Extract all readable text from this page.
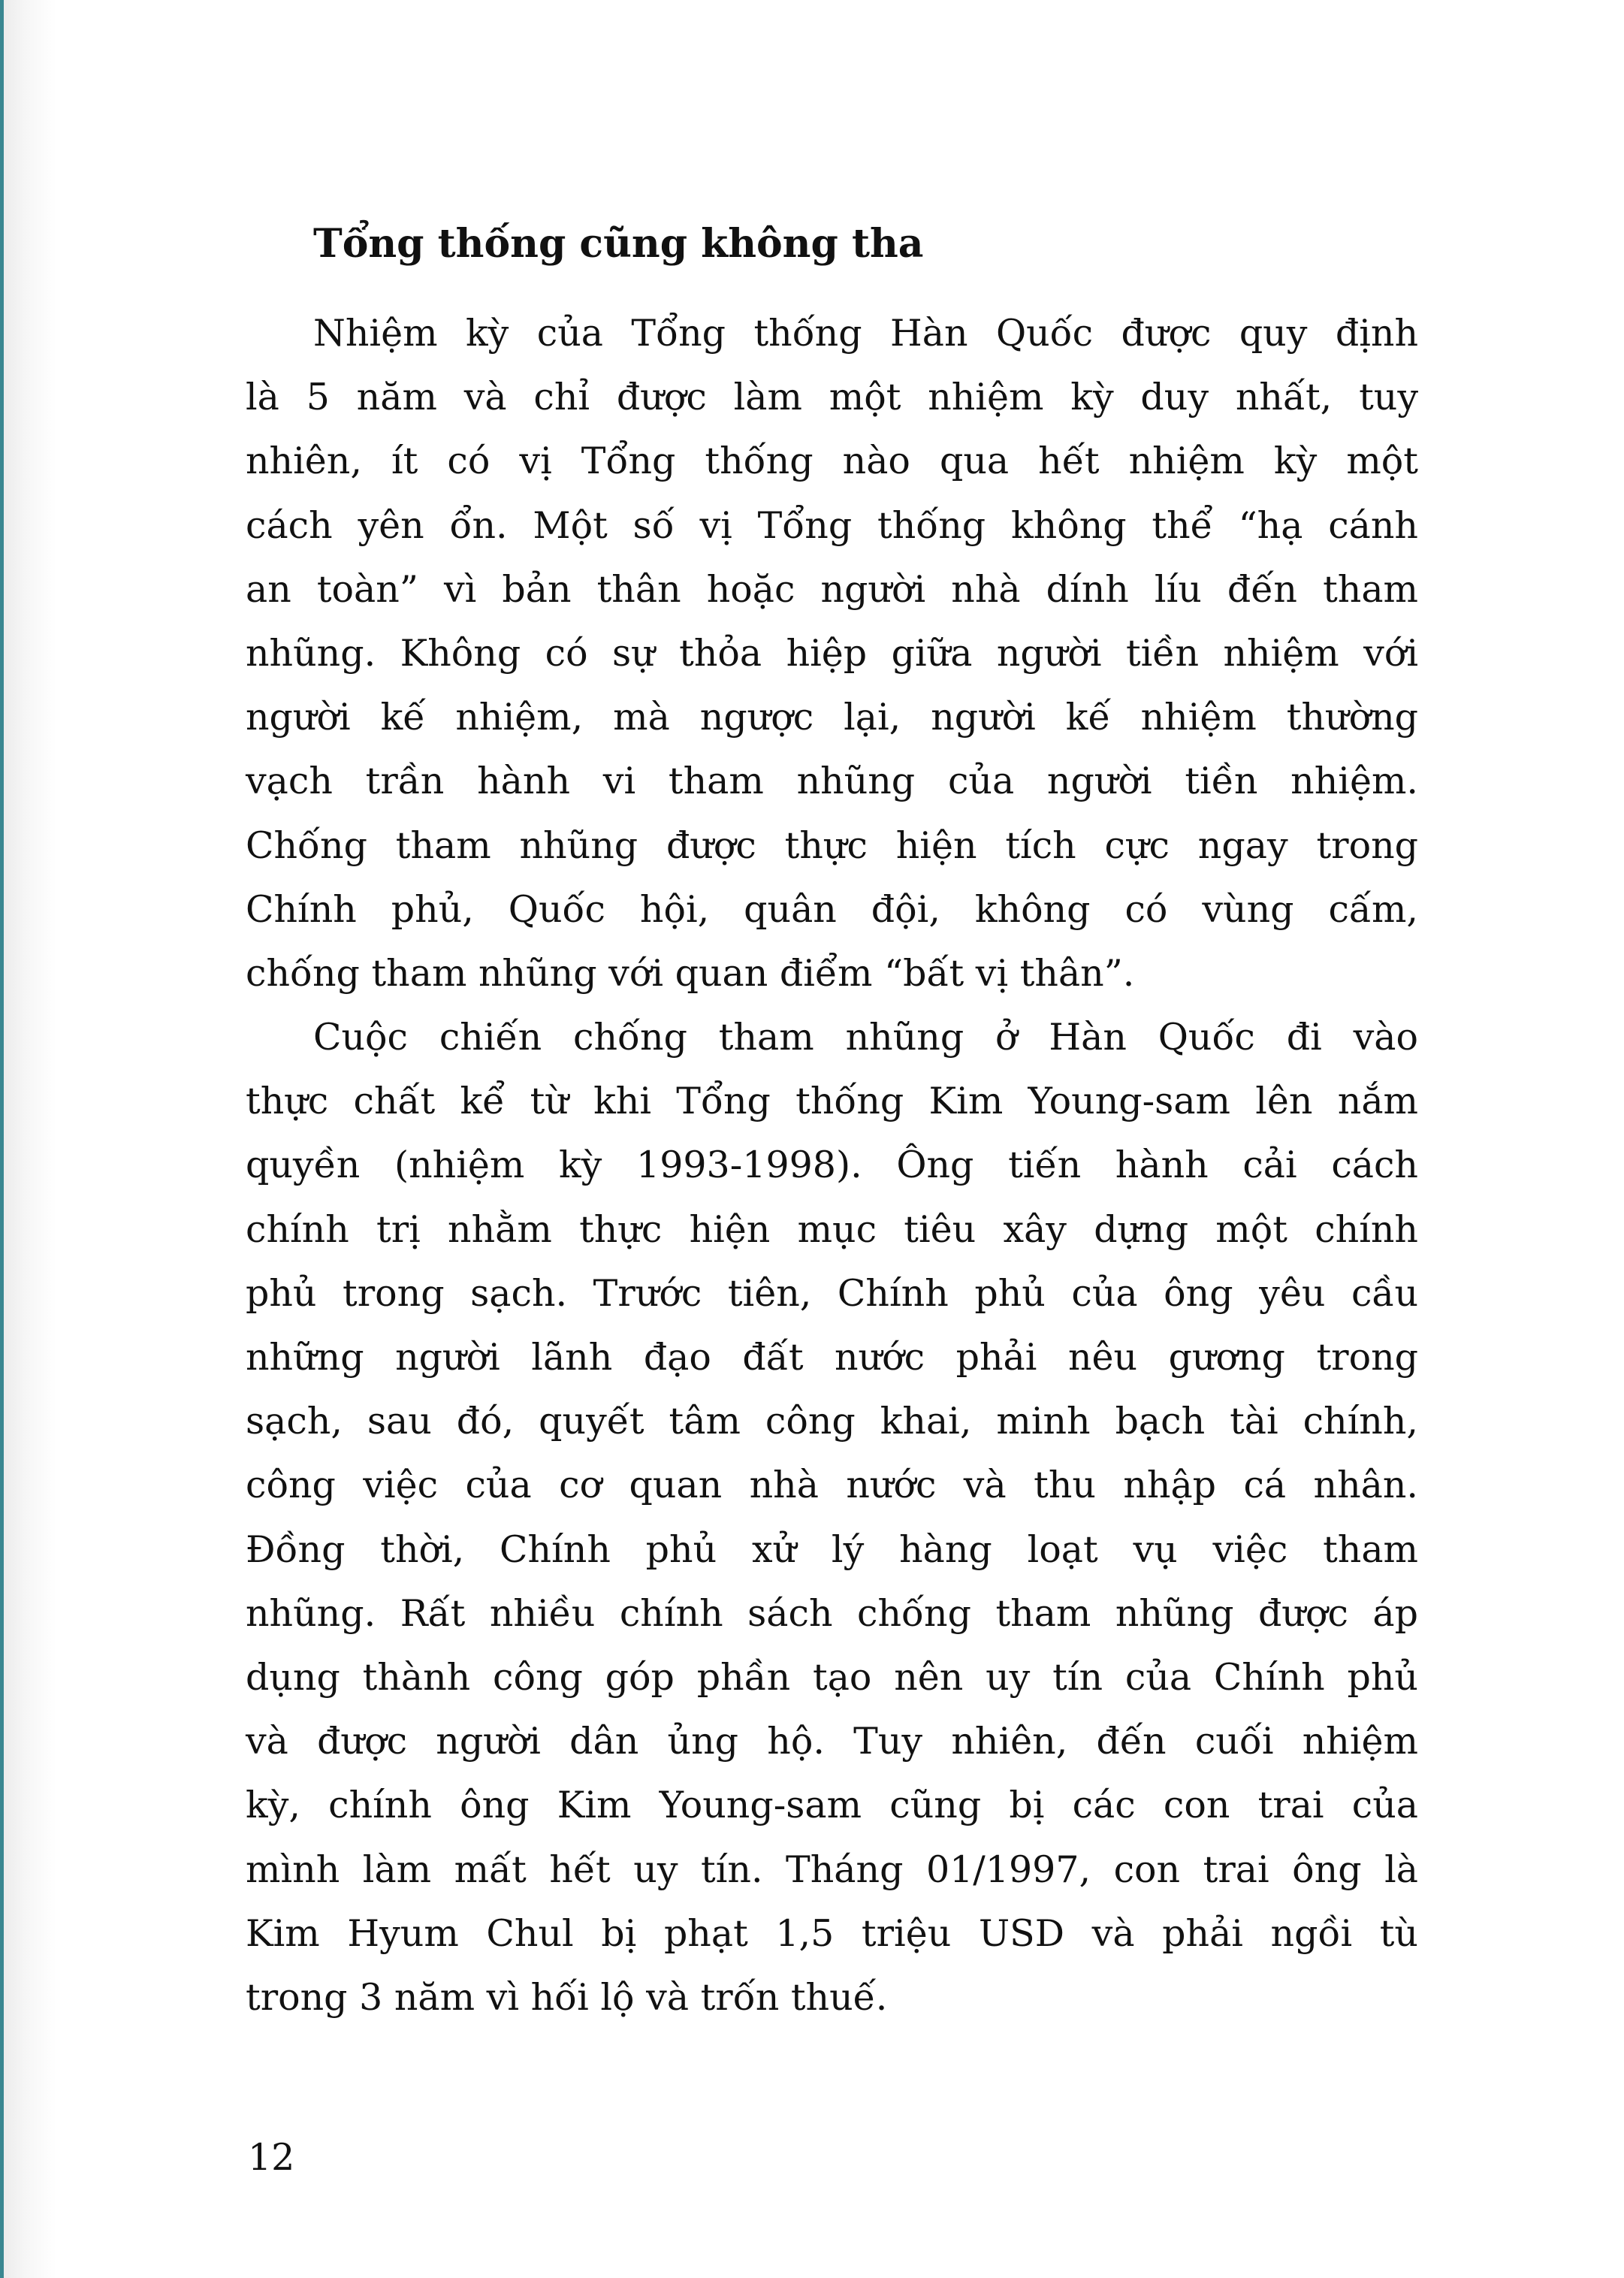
Tổng thống cũng không tha
Nhiệm kỳ của Tổng thống Hàn Quốc được quy định
là 5 năm và chỉ được làm một nhiệm kỳ duy nhất, tuy
nhiên, ít có vị Tổng thống nào qua hết nhiệm kỳ một
cách yên ổn. Một số vị Tổng thống không thể “hạ cánh
an toàn” vì bản thân hoặc người nhà dính líu đến tham
nhũng. Không có sự thỏa hiệp giữa người tiền nhiệm với
người kế nhiệm, mà ngược lại, người kế nhiệm thường
vạch trần hành vi tham nhũng của người tiền nhiệm.
Chống tham nhũng được thực hiện tích cực ngay trong
Chính phủ, Quốc hội, quân đội, không có vùng cấm,
chống tham nhũng với quan điểm “bất vị thân”.
Cuộc chiến chống tham nhũng ở Hàn Quốc đi vào
thực chất kể từ khi Tổng thống Kim Young-sam lên nắm
quyền (nhiệm kỳ 1993-1998). Ông tiến hành cải cách
chính trị nhằm thực hiện mục tiêu xây dựng một chính
phủ trong sạch. Trước tiên, Chính phủ của ông yêu cầu
những người lãnh đạo đất nước phải nêu gương trong
sạch, sau đó, quyết tâm công khai, minh bạch tài chính,
công việc của cơ quan nhà nước và thu nhập cá nhân.
Đồng thời, Chính phủ xử lý hàng loạt vụ việc tham
nhũng. Rất nhiều chính sách chống tham nhũng được áp
dụng thành công góp phần tạo nên uy tín của Chính phủ
và được người dân ủng hộ. Tuy nhiên, đến cuối nhiệm
kỳ, chính ông Kim Young-sam cũng bị các con trai của
mình làm mất hết uy tín. Tháng 01/1997, con trai ông là
Kim Hyum Chul bị phạt 1,5 triệu USD và phải ngồi tù
trong 3 năm vì hối lộ và trốn thuế.
12
